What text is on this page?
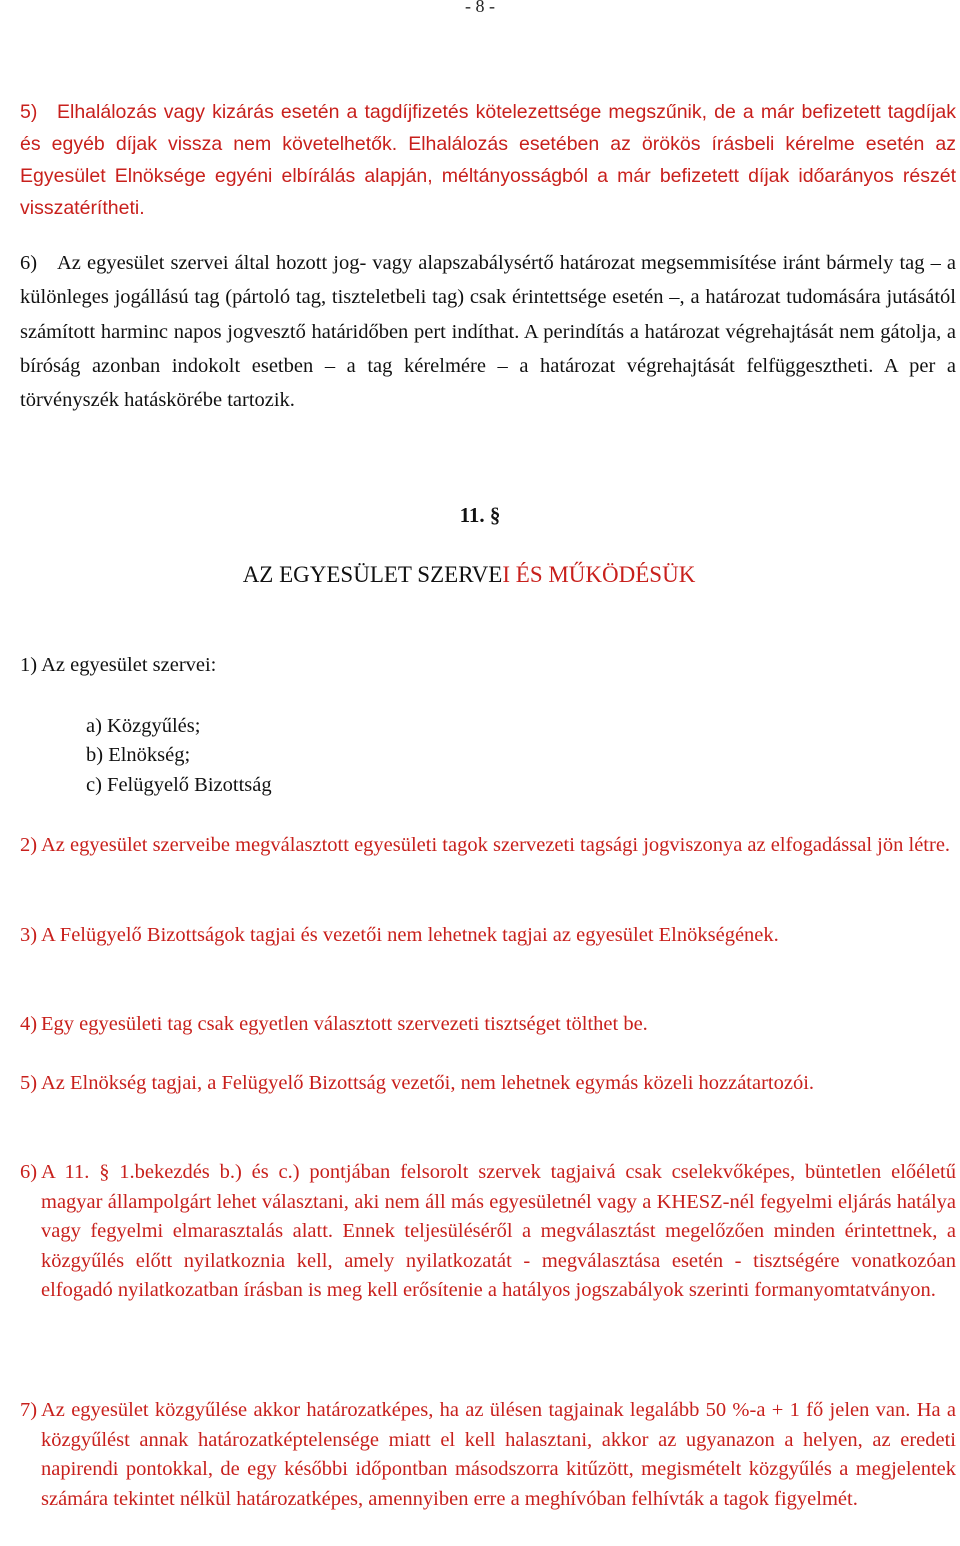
- 8 -
5)	Elhalálozás vagy kizárás esetén a tagdíjfizetés kötelezettsége megszűnik, de a már befizetett tagdíjak és egyéb díjak vissza nem követelhetők. Elhalálozás esetében az örökös írásbeli kérelme esetén az Egyesület Elnöksége egyéni elbírálás alapján, méltányosságból a már befizetett díjak időarányos részét visszatérítheti.

6) Az egyesület szervei által hozott jog- vagy alapszabálysértő határozat megsemmisítése iránt bármely tag – a különleges jogállású tag (pártoló tag, tiszteletbeli tag) csak érintettsége esetén –, a határozat tudomására jutásától számított harminc napos jogvesztő határidőben pert indíthat. A perindítás a határozat végrehajtását nem gátolja, a bíróság azonban indokolt esetben – a tag kérelmére – a határozat végrehajtását felfüggesztheti. A per a törvényszék hatáskörébe tartozik.

11. §
AZ EGYESÜLET SZERVEI ÉS MŰKÖDÉSÜK
1) Az egyesület szervei:
a) Közgyűlés;
b) Elnökség;
c) Felügyelő Bizottság

2) Az egyesület szerveibe megválasztott egyesületi tagok szervezeti tagsági jogviszonya az elfogadással jön létre.

3) A Felügyelő Bizottságok tagjai és vezetői nem lehetnek tagjai az egyesület Elnökségének.

4) Egy egyesületi tag csak egyetlen választott szervezeti tisztséget tölthet be.

5) Az Elnökség tagjai, a Felügyelő Bizottság vezetői, nem lehetnek egymás közeli hozzátartozói.

6) A 11. § 1.bekezdés b.) és c.) pontjában felsorolt szervek tagjaivá csak cselekvőképes, büntetlen előéletű magyar állampolgárt lehet választani, aki nem áll más egyesületnél vagy a KHESZ-nél fegyelmi eljárás hatálya vagy fegyelmi elmarasztalás alatt. Ennek teljesüléséről a megválasztást megelőzően minden érintettnek, a közgyűlés előtt nyilatkoznia kell, amely nyilatkozatát - megválasztása esetén - tisztségére vonatkozóan elfogadó nyilatkozatban írásban is meg kell erősítenie a hatályos jogszabályok szerinti formanyomtatványon.

7) Az egyesület közgyűlése akkor határozatképes, ha az ülésen tagjainak legalább 50 %-a + 1 fő jelen van. Ha a közgyűlést annak határozatképtelensége miatt el kell halasztani, akkor az ugyanazon a helyen, az eredeti napirendi pontokkal, de egy későbbi időpontban másodszorra kitűzött, megismételt közgyűlés a megjelentek számára tekintet nélkül határozatképes, amennyiben erre a meghívóban felhívták a tagok figyelmét.
